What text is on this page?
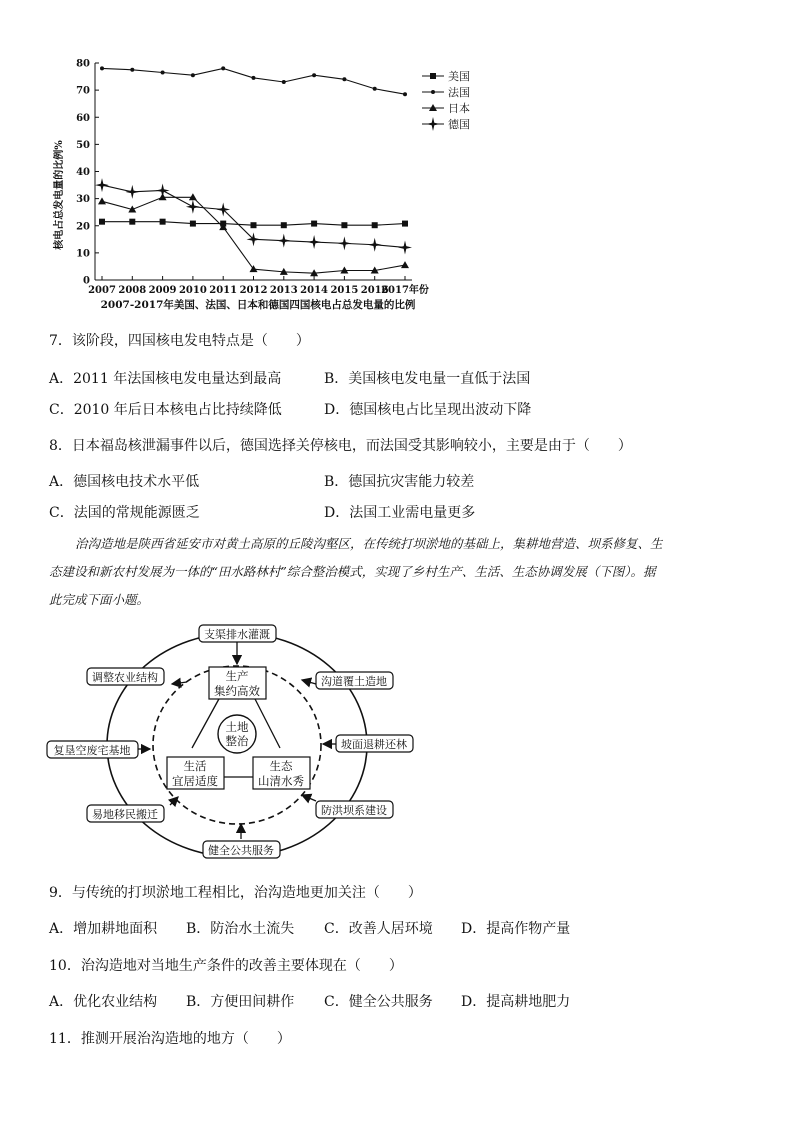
0
10
20
30
40
50
60
70
80
2007 2008 2009 2010 2011 2012 2013 2014 2015 2016
2017年份
美国
法国
日本
德国
核电占总发电量的比例%
2007-2017年美国、法国、日本和德国四国核电占总发电量的比例
7．该阶段，四国核电发电特点是（　　）
A．2011 年法国核电发电量达到最高	B．美国核电发电量一直低于法国
C．2010 年后日本核电占比持续降低	D．德国核电占比呈现出波动下降
8．日本福岛核泄漏事件以后，德国选择关停核电，而法国受其影响较小，主要是由于（　　）
A．德国核电技术水平低	B．德国抗灾害能力较差
C．法国的常规能源匮乏	D．法国工业需电量更多
治沟造地是陕西省延安市对黄土高原的丘陵沟壑区，在传统打坝淤地的基础上，集耕地营造、坝系修复、生
态建设和新农村发展为一体的“田水路林村”综合整治模式，实现了乡村生产、生活、生态协调发展（下图）。据
此完成下面小题。
土地
整治
生产
集约高效
生活
宜居适度
生态
山清水秀
支渠排水灌溉
沟道覆土造地
坡面退耕还林
防洪坝系建设
健全公共服务
易地移民搬迁
复垦空废宅基地
调整农业结构
9．与传统的打坝淤地工程相比，治沟造地更加关注（　　）
A．增加耕地面积 B．防治水土流失 C．改善人居环境 D．提高作物产量
10．治沟造地对当地生产条件的改善主要体现在（　　）
A．优化农业结构 B．方便田间耕作 C．健全公共服务 D．提高耕地肥力
11．推测开展治沟造地的地方（　　）
